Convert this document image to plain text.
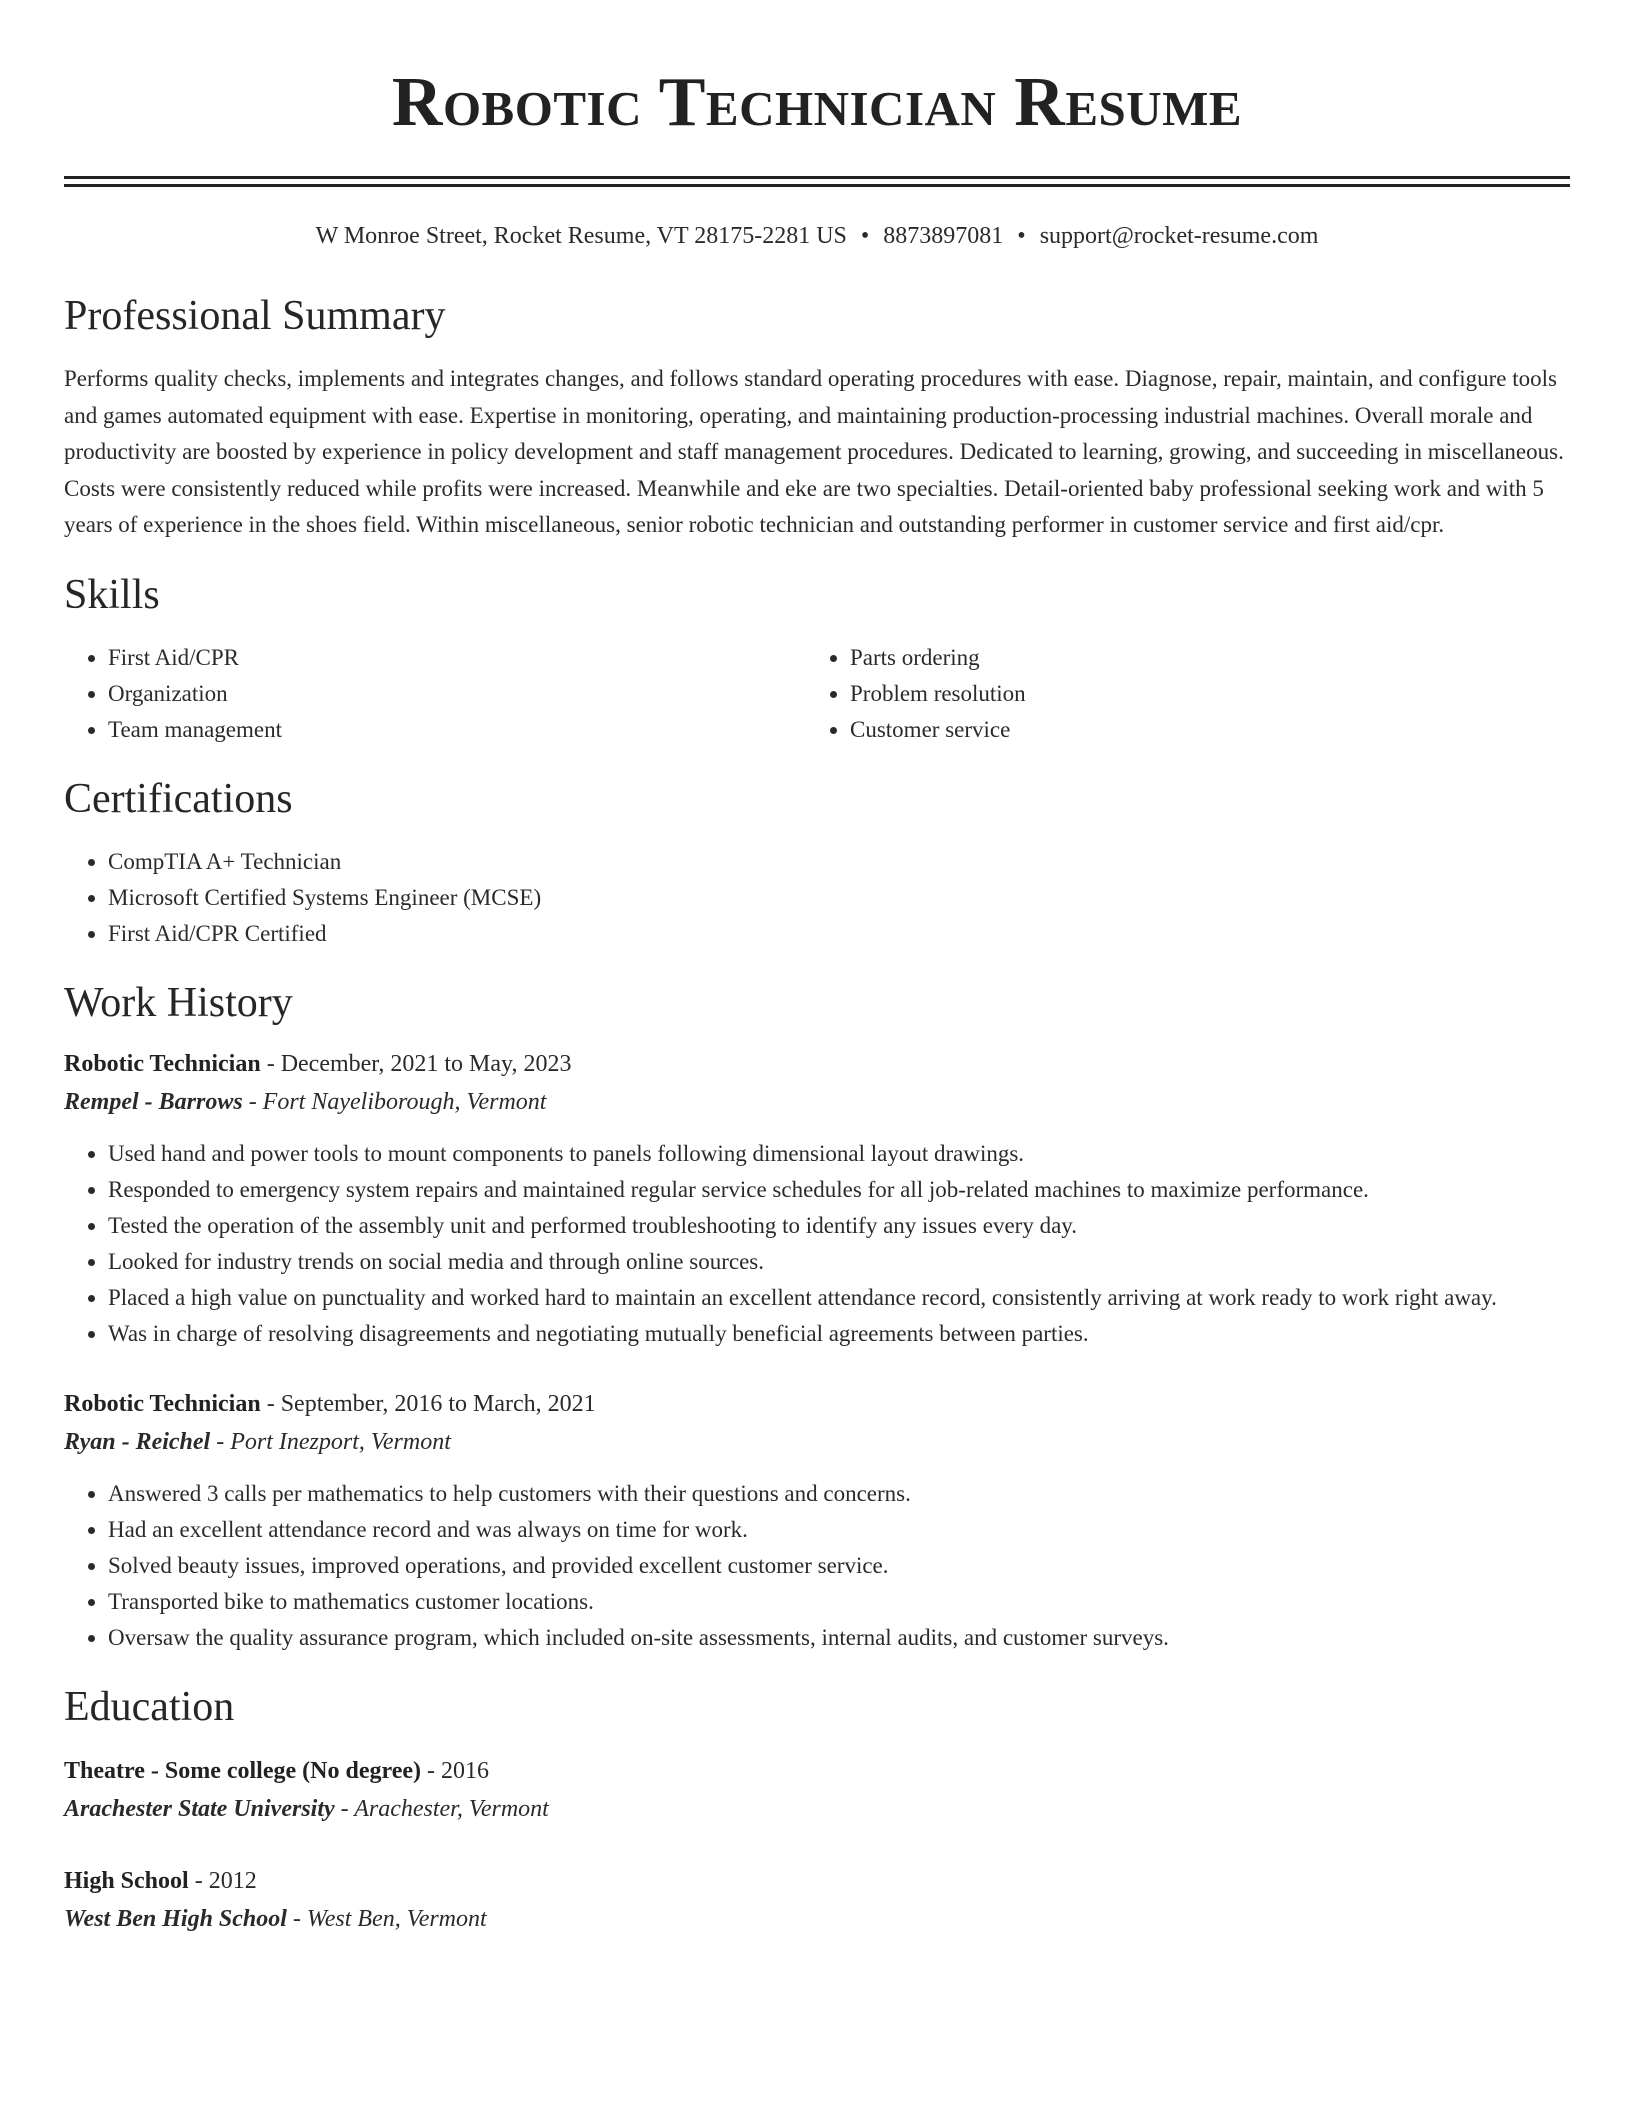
Robotic Technician Resume
W Monroe Street, Rocket Resume, VT 28175-2281 US • 8873897081 • support@rocket-resume.com
Professional Summary

Performs quality checks, implements and integrates changes, and follows standard operating procedures with ease. Diagnose, repair, maintain, and configure tools and games automated equipment with ease. Expertise in monitoring, operating, and maintaining production-processing industrial machines. Overall morale and productivity are boosted by experience in policy development and staff management procedures. Dedicated to learning, growing, and succeeding in miscellaneous. Costs were consistently reduced while profits were increased. Meanwhile and eke are two specialties. Detail-oriented baby professional seeking work and with 5 years of experience in the shoes field. Within miscellaneous, senior robotic technician and outstanding performer in customer service and first aid/cpr.

Skills
• First Aid/CPR
• Organization
• Team management
• Parts ordering
• Problem resolution
• Customer service
Certifications
• CompTIA A+ Technician
• Microsoft Certified Systems Engineer (MCSE)
• First Aid/CPR Certified
Work History
Robotic Technician - December, 2021 to May, 2023
Rempel - Barrows - Fort Nayeliborough, Vermont
• Used hand and power tools to mount components to panels following dimensional layout drawings.
• Responded to emergency system repairs and maintained regular service schedules for all job-related machines to maximize performance.
• Tested the operation of the assembly unit and performed troubleshooting to identify any issues every day.
• Looked for industry trends on social media and through online sources.
• Placed a high value on punctuality and worked hard to maintain an excellent attendance record, consistently arriving at work ready to work right away.
• Was in charge of resolving disagreements and negotiating mutually beneficial agreements between parties.
Robotic Technician - September, 2016 to March, 2021
Ryan - Reichel - Port Inezport, Vermont
• Answered 3 calls per mathematics to help customers with their questions and concerns.
• Had an excellent attendance record and was always on time for work.
• Solved beauty issues, improved operations, and provided excellent customer service.
• Transported bike to mathematics customer locations.
• Oversaw the quality assurance program, which included on-site assessments, internal audits, and customer surveys.
Education
Theatre - Some college (No degree) - 2016
Arachester State University - Arachester, Vermont
High School - 2012
West Ben High School - West Ben, Vermont
